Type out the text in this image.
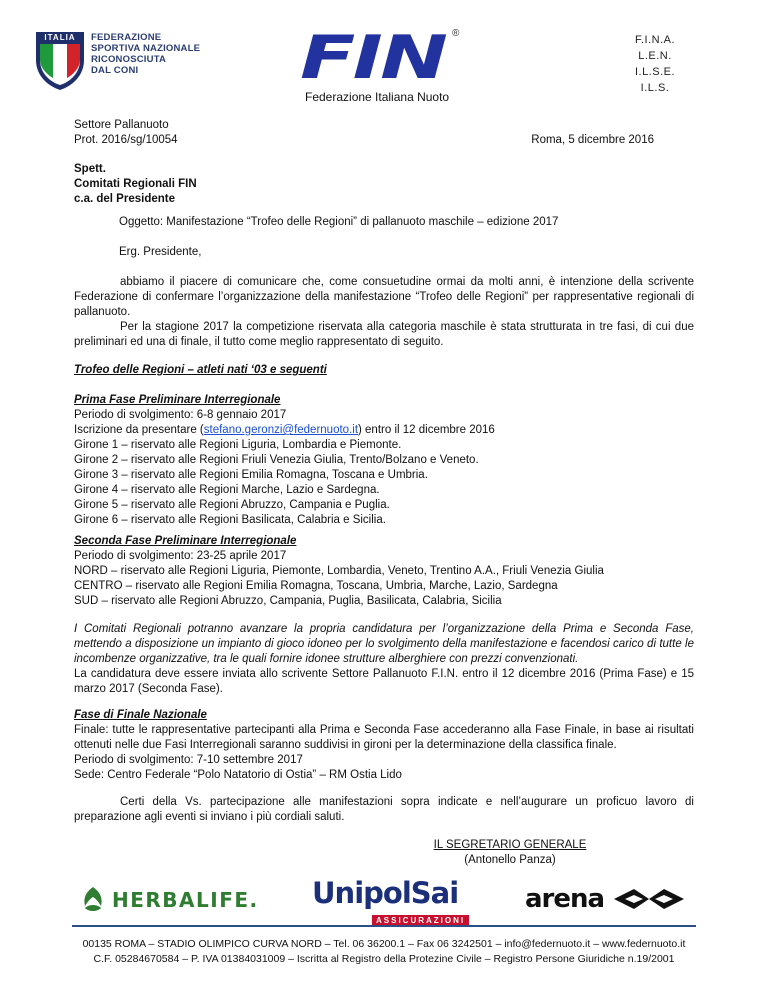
ITALIA	FEDERAZIONE
SPORTIVA NAZIONALE
RICONOSCIUTA
DAL CONI	FIN ®
Federazione Italiana Nuoto
F.I.N.A.
L.E.N.
I.L.S.E.
I.L.S.
Settore Pallanuoto
Prot. 2016/sg/10054	Roma, 5 dicembre 2016
Spett.
Comitati Regionali FIN
c.a. del Presidente
Oggetto: Manifestazione “Trofeo delle Regioni” di pallanuoto maschile – edizione 2017
Erg. Presidente,

abbiamo il piacere di comunicare che, come consuetudine ormai da molti anni, è intenzione della scrivente Federazione di confermare l’organizzazione della manifestazione “Trofeo delle Regioni” per rappresentative regionali di pallanuoto.

Per la stagione 2017 la competizione riservata alla categoria maschile è stata strutturata in tre fasi, di cui due preliminari ed una di finale, il tutto come meglio rappresentato di seguito.

Trofeo delle Regioni – atleti nati ‘03 e seguenti
Prima Fase Preliminare Interregionale
Periodo di svolgimento: 6-8 gennaio 2017
Iscrizione da presentare (stefano.geronzi@federnuoto.it) entro il 12 dicembre 2016
Girone 1 – riservato alle Regioni Liguria, Lombardia e Piemonte.
Girone 2 – riservato alle Regioni Friuli Venezia Giulia, Trento/Bolzano e Veneto.
Girone 3 – riservato alle Regioni Emilia Romagna, Toscana e Umbria.
Girone 4 – riservato alle Regioni Marche, Lazio e Sardegna.
Girone 5 – riservato alle Regioni Abruzzo, Campania e Puglia.
Girone 6 – riservato alle Regioni Basilicata, Calabria e Sicilia.
Seconda Fase Preliminare Interregionale
Periodo di svolgimento: 23-25 aprile 2017
NORD – riservato alle Regioni Liguria, Piemonte, Lombardia, Veneto, Trentino A.A., Friuli Venezia Giulia
CENTRO – riservato alle Regioni Emilia Romagna, Toscana, Umbria, Marche, Lazio, Sardegna
SUD – riservato alle Regioni Abruzzo, Campania, Puglia, Basilicata, Calabria, Sicilia

I Comitati Regionali potranno avanzare la propria candidatura per l’organizzazione della Prima e Seconda Fase, mettendo a disposizione un impianto di gioco idoneo per lo svolgimento della manifestazione e facendosi carico di tutte le incombenze organizzative, tra le quali fornire idonee strutture alberghiere con prezzi convenzionati.

La candidatura deve essere inviata allo scrivente Settore Pallanuoto F.I.N. entro il 12 dicembre 2016 (Prima Fase) e 15 marzo 2017 (Seconda Fase).

Fase di Finale Nazionale

Finale: tutte le rappresentative partecipanti alla Prima e Seconda Fase accederanno alla Fase Finale, in base ai risultati ottenuti nelle due Fasi Interregionali saranno suddivisi in gironi per la determinazione della classifica finale.

Periodo di svolgimento: 7-10 settembre 2017
Sede: Centro Federale “Polo Natatorio di Ostia” – RM Ostia Lido

Certi della Vs. partecipazione alle manifestazioni sopra indicate e nell’augurare un proficuo lavoro di preparazione agli eventi si inviano i più cordiali saluti.

IL SEGRETARIO GENERALE
(Antonello Panza)
HERBALIFE. UnipolSai
ASSICURAZIONI
arena
00135 ROMA – STADIO OLIMPICO CURVA NORD – Tel. 06 36200.1 – Fax 06 3242501 – info@federnuoto.it – www.federnuoto.it
C.F. 05284670584 – P. IVA 01384031009 – Iscritta al Registro della Protezine Civile – Registro Persone Giuridiche n.19/2001
